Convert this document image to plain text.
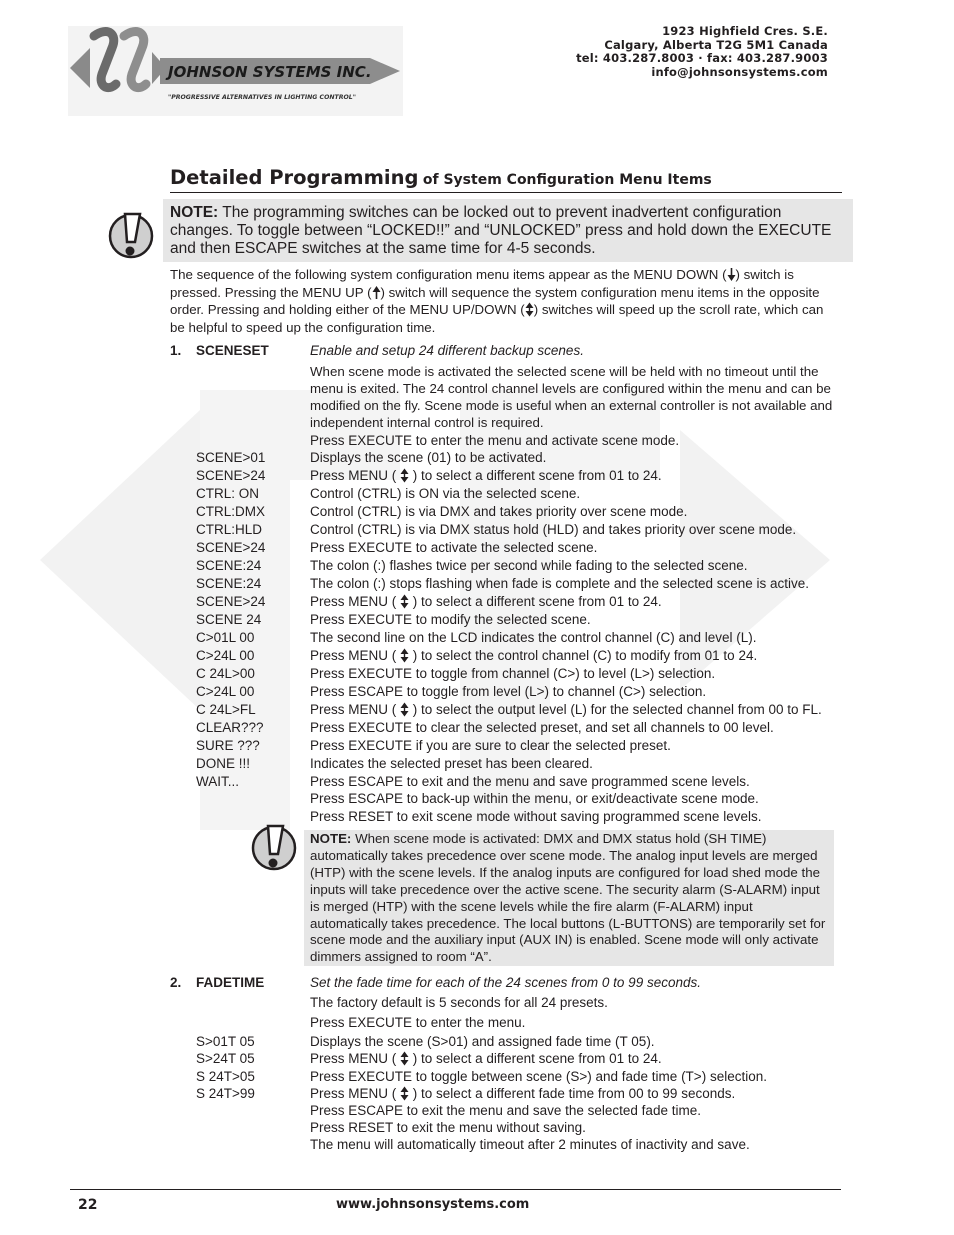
JOHNSON SYSTEMS INC.
"PROGRESSIVE ALTERNATIVES IN LIGHTING CONTROL"
1923 Highfield Cres. S.E.
Calgary, Alberta T2G 5M1 Canada
tel: 403.287.8003 · fax: 403.287.9003
info@johnsonsystems.com
Detailed Programming of System Configuration Menu Items

NOTE: The programming switches can be locked out to prevent inadvertent configuration changes. To toggle between “LOCKED!!” and “UNLOCKED” press and hold down the EXECUTE and then ESCAPE switches at the same time for 4-5 seconds.

The sequence of the following system configuration menu items appear as the MENU DOWN ( ) switch is pressed. Pressing the MENU UP ( ) switch will sequence the system configuration menu items in the opposite order. Pressing and holding either of the MENU UP/DOWN ( ) switches will speed up the scroll rate, which can be helpful to speed up the configuration time.
1. SCENESET	Enable and setup 24 different backup scenes.
When scene mode is activated the selected scene will be held with no timeout until the menu is exited. The 24 control channel levels are configured within the menu and can be modified on the fly. Scene mode is useful when an external controller is not available and independent internal control is required.
Press EXECUTE to enter the menu and activate scene mode.
SCENE>01	Displays the scene (01) to be activated.
SCENE>24	Press MENU ( ) to select a different scene from 01 to 24.
CTRL: ON	Control (CTRL) is ON via the selected scene.
CTRL:DMX	Control (CTRL) is via DMX and takes priority over scene mode.
CTRL:HLD	Control (CTRL) is via DMX status hold (HLD) and takes priority over scene mode.
SCENE>24	Press EXECUTE to activate the selected scene.
SCENE:24	The colon (:) flashes twice per second while fading to the selected scene.
SCENE:24	The colon (:) stops flashing when fade is complete and the selected scene is active.
SCENE>24	Press MENU ( ) to select a different scene from 01 to 24.
SCENE 24	Press EXECUTE to modify the selected scene.
C>01L 00	The second line on the LCD indicates the control channel (C) and level (L).
C>24L 00	Press MENU ( ) to select the control channel (C) to modify from 01 to 24.
C 24L>00	Press EXECUTE to toggle from channel (C>) to level (L>) selection.
C>24L 00	Press ESCAPE to toggle from level (L>) to channel (C>) selection.
C 24L>FL	Press MENU ( ) to select the output level (L) for the selected channel from 00 to FL.
CLEAR???	Press EXECUTE to clear the selected preset, and set all channels to 00 level.
SURE ???	Press EXECUTE if you are sure to clear the selected preset.
DONE !!!	Indicates the selected preset has been cleared.
WAIT...	Press ESCAPE to exit and the menu and save programmed scene levels.
Press ESCAPE to back-up within the menu, or exit/deactivate scene mode.
Press RESET to exit scene mode without saving programmed scene levels.

NOTE: When scene mode is activated: DMX and DMX status hold (SH TIME) automatically takes precedence over scene mode. The analog input levels are merged (HTP) with the scene levels. If the analog inputs are configured for load shed mode the inputs will take precedence over the active scene. The security alarm (S-ALARM) input is merged (HTP) with the scene levels while the fire alarm (F-ALARM) input automatically takes precedence. The local buttons (L-BUTTONS) are temporarily set for scene mode and the auxiliary input (AUX IN) is enabled. Scene mode will only activate dimmers assigned to room “A”.

2. FADETIME	Set the fade time for each of the 24 scenes from 0 to 99 seconds.
The factory default is 5 seconds for all 24 presets.
Press EXECUTE to enter the menu.
S>01T 05	Displays the scene (S>01) and assigned fade time (T 05).
S>24T 05	Press MENU ( ) to select a different scene from 01 to 24.
S 24T>05	Press EXECUTE to toggle between scene (S>) and fade time (T>) selection.
S 24T>99	Press MENU ( ) to select a different fade time from 00 to 99 seconds.
Press ESCAPE to exit the menu and save the selected fade time.
Press RESET to exit the menu without saving.
The menu will automatically timeout after 2 minutes of inactivity and save.
22	www.johnsonsystems.com
